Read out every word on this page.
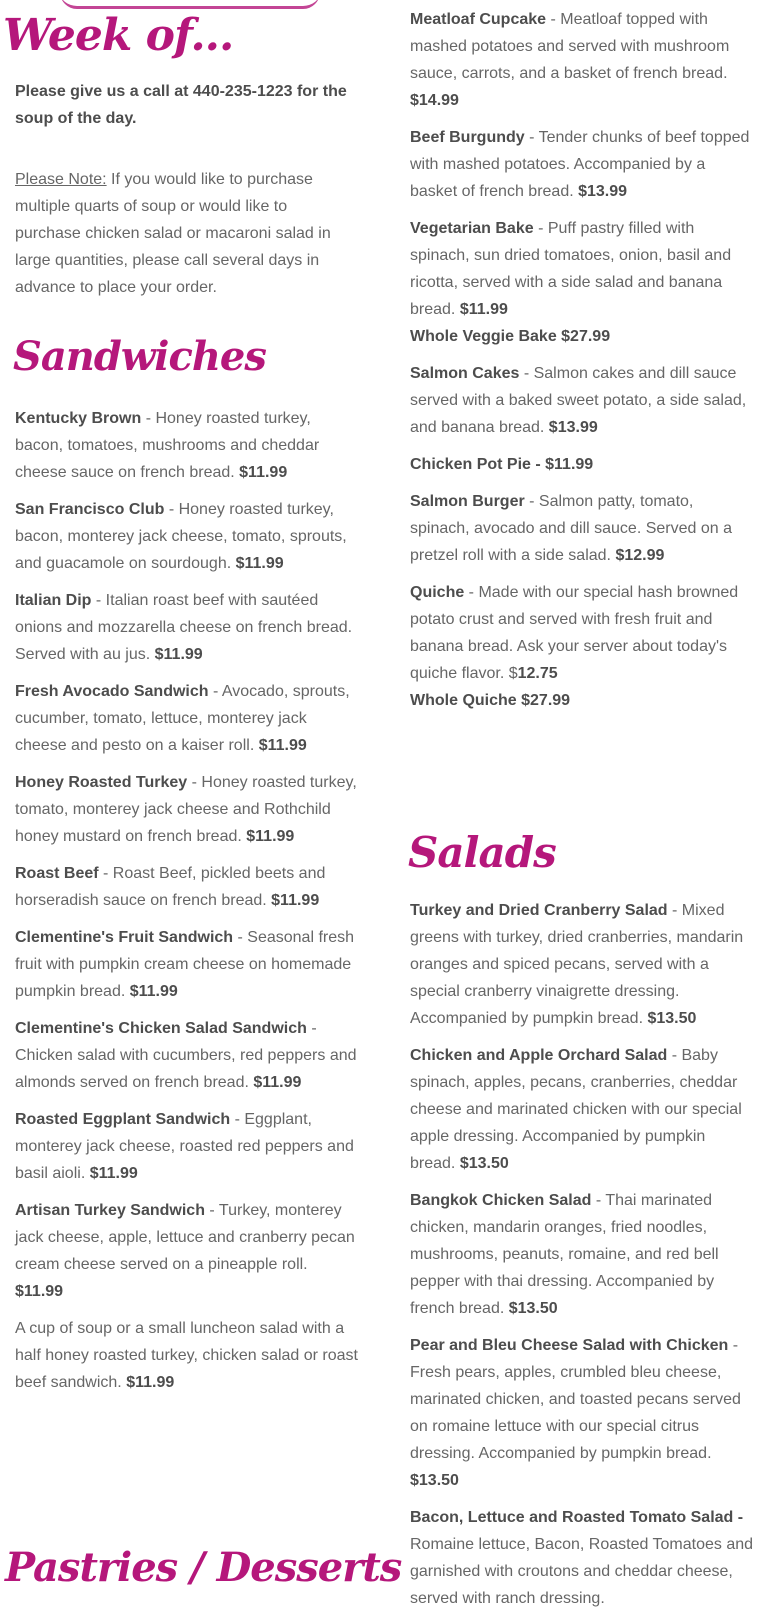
Week of...

Please give us a call at 440-235-1223 for the soup of the day.

Please Note: If you would like to purchase multiple quarts of soup or would like to purchase chicken salad or macaroni salad in large quantities, please call several days in advance to place your order.

Sandwiches

Kentucky Brown - Honey roasted turkey, bacon, tomatoes, mushrooms and cheddar cheese sauce on french bread. $11.99

San Francisco Club - Honey roasted turkey, bacon, monterey jack cheese, tomato, sprouts, and guacamole on sourdough. $11.99

Italian Dip - Italian roast beef with sautéed onions and mozzarella cheese on french bread. Served with au jus. $11.99

Fresh Avocado Sandwich - Avocado, sprouts, cucumber, tomato, lettuce, monterey jack cheese and pesto on a kaiser roll. $11.99

Honey Roasted Turkey - Honey roasted turkey, tomato, monterey jack cheese and Rothchild honey mustard on french bread. $11.99

Roast Beef - Roast Beef, pickled beets and horseradish sauce on french bread. $11.99

Clementine's Fruit Sandwich - Seasonal fresh fruit with pumpkin cream cheese on homemade pumpkin bread. $11.99

Clementine's Chicken Salad Sandwich - Chicken salad with cucumbers, red peppers and almonds served on french bread. $11.99

Roasted Eggplant Sandwich - Eggplant, monterey jack cheese, roasted red peppers and basil aioli. $11.99

Artisan Turkey Sandwich - Turkey, monterey jack cheese, apple, lettuce and cranberry pecan cream cheese served on a pineapple roll. $11.99

A cup of soup or a small luncheon salad with a half honey roasted turkey, chicken salad or roast beef sandwich. $11.99

Pastries / Desserts

Meatloaf Cupcake - Meatloaf topped with mashed potatoes and served with mushroom sauce, carrots, and a basket of french bread. $14.99

Beef Burgundy - Tender chunks of beef topped with mashed potatoes. Accompanied by a basket of french bread. $13.99

Vegetarian Bake - Puff pastry filled with spinach, sun dried tomatoes, onion, basil and ricotta, served with a side salad and banana bread. $11.99

Whole Veggie Bake $27.99

Salmon Cakes - Salmon cakes and dill sauce served with a baked sweet potato, a side salad, and banana bread. $13.99

Chicken Pot Pie - $11.99

Salmon Burger - Salmon patty, tomato, spinach, avocado and dill sauce. Served on a pretzel roll with a side salad. $12.99

Quiche - Made with our special hash browned potato crust and served with fresh fruit and banana bread. Ask your server about today's quiche flavor. $12.75

Whole Quiche $27.99

Salads

Turkey and Dried Cranberry Salad - Mixed greens with turkey, dried cranberries, mandarin oranges and spiced pecans, served with a special cranberry vinaigrette dressing. Accompanied by pumpkin bread. $13.50

Chicken and Apple Orchard Salad - Baby spinach, apples, pecans, cranberries, cheddar cheese and marinated chicken with our special apple dressing. Accompanied by pumpkin bread. $13.50

Bangkok Chicken Salad - Thai marinated chicken, mandarin oranges, fried noodles, mushrooms, peanuts, romaine, and red bell pepper with thai dressing. Accompanied by french bread. $13.50

Pear and Bleu Cheese Salad with Chicken - Fresh pears, apples, crumbled bleu cheese, marinated chicken, and toasted pecans served on romaine lettuce with our special citrus dressing. Accompanied by pumpkin bread. $13.50

Bacon, Lettuce and Roasted Tomato Salad - Romaine lettuce, Bacon, Roasted Tomatoes and garnished with croutons and cheddar cheese, served with ranch dressing.
